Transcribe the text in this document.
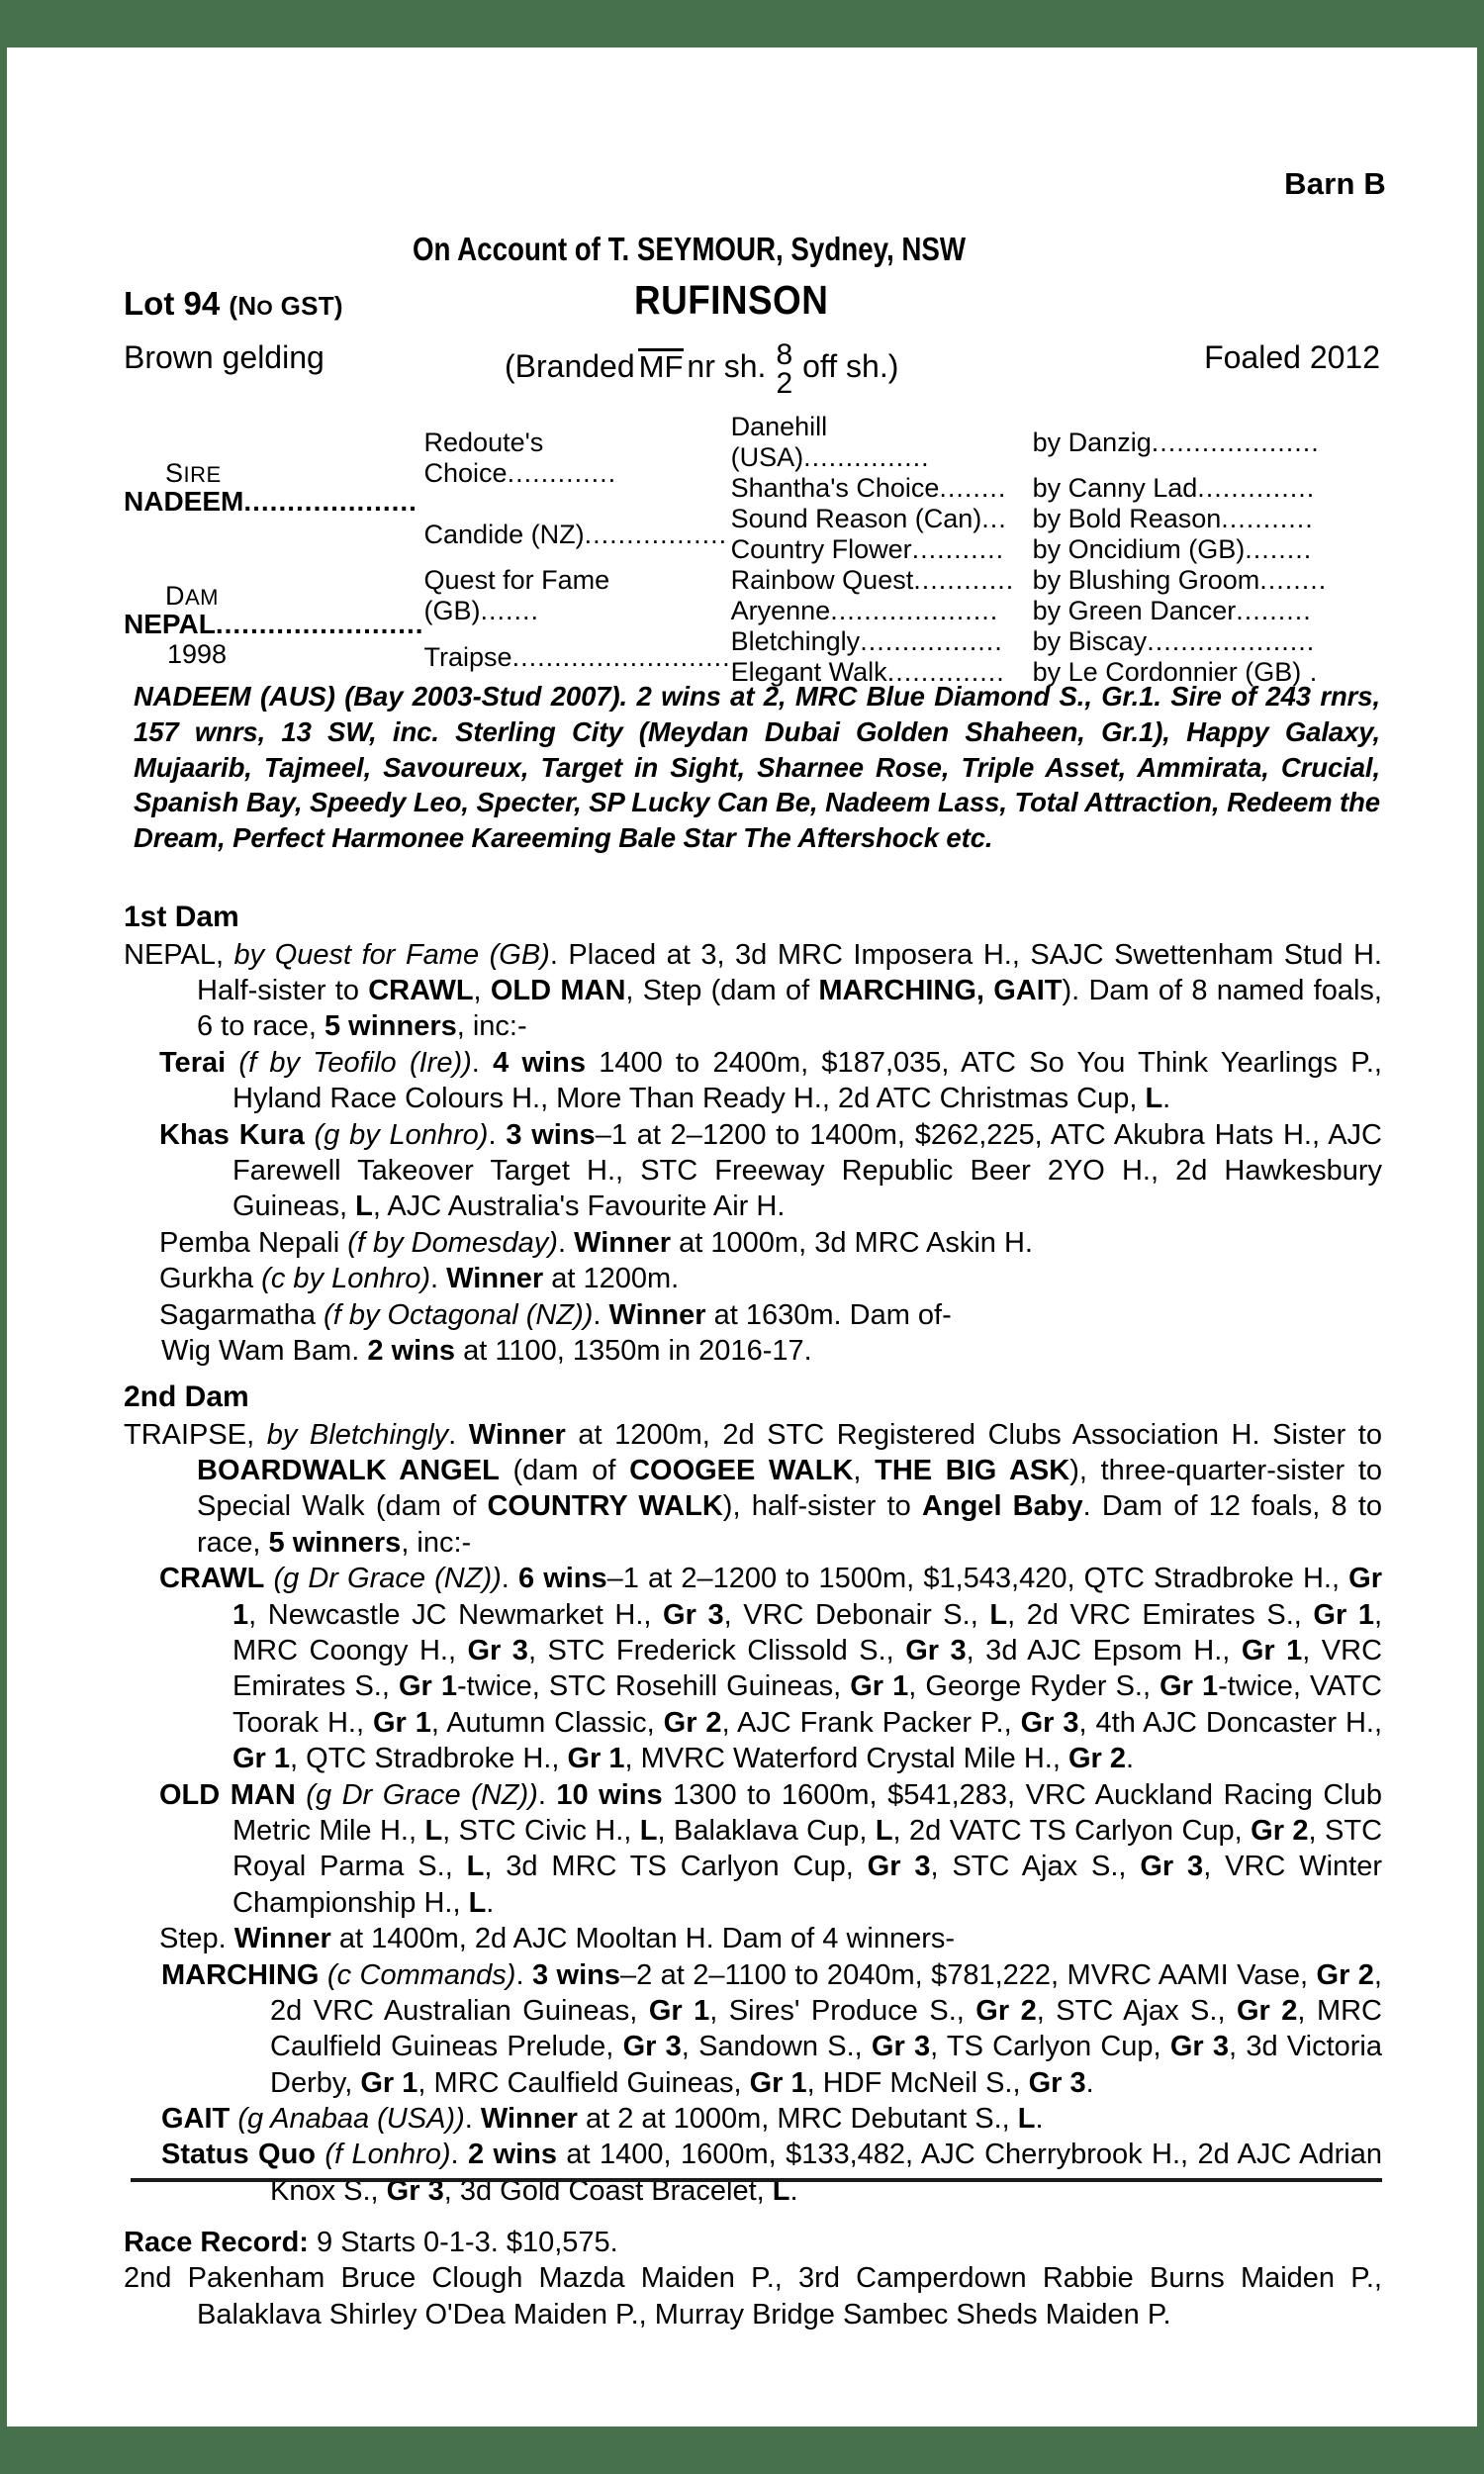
Barn B
On Account of T. SEYMOUR, Sydney, NSW
Lot 94 (NO GST)	RUFINSON
Brown gelding	(Branded MF nr sh. 8
2
off sh.)	Foaled 2012
SIRE
NADEEM....................	Redoute's Choice.............	Danehill (USA)...............	by Danzig....................
		Shantha's Choice........	by Canny Lad..............
	Candide (NZ).................	Sound Reason (Can)...	by Bold Reason...........
		Country Flower...........	by Oncidium (GB)........

DAM
NEPAL........................
1998	Quest for Fame (GB).......	Rainbow Quest............	by Blushing Groom........
		Aryenne....................	by Green Dancer.........
	Traipse..........................	Bletchingly.................	by Biscay....................
		Elegant Walk..............	by Le Cordonnier (GB) .
NADEEM (AUS) (Bay 2003-Stud 2007). 2 wins at 2, MRC Blue Diamond S., Gr.1. Sire of 243 rnrs, 157 wnrs, 13 SW, inc. Sterling City (Meydan Dubai Golden Shaheen, Gr.1), Happy Galaxy, Mujaarib, Tajmeel, Savoureux, Target in Sight, Sharnee Rose, Triple Asset, Ammirata, Crucial, Spanish Bay, Speedy Leo, Specter, SP Lucky Can Be, Nadeem Lass, Total Attraction, Redeem the Dream, Perfect Harmonee Kareeming Bale Star The Aftershock etc.
1st Dam
NEPAL, by Quest for Fame (GB). Placed at 3, 3d MRC Imposera H., SAJC Swettenham Stud H. Half-sister to CRAWL, OLD MAN, Step (dam of MARCHING, GAIT). Dam of 8 named foals, 6 to race, 5 winners, inc:-
Terai (f by Teofilo (Ire)). 4 wins 1400 to 2400m, $187,035, ATC So You Think Yearlings P., Hyland Race Colours H., More Than Ready H., 2d ATC Christmas Cup, L.
Khas Kura (g by Lonhro). 3 wins–1 at 2–1200 to 1400m, $262,225, ATC Akubra Hats H., AJC Farewell Takeover Target H., STC Freeway Republic Beer 2YO H., 2d Hawkesbury Guineas, L, AJC Australia's Favourite Air H.
Pemba Nepali (f by Domesday). Winner at 1000m, 3d MRC Askin H.
Gurkha (c by Lonhro). Winner at 1200m.
Sagarmatha (f by Octagonal (NZ)). Winner at 1630m. Dam of-
Wig Wam Bam. 2 wins at 1100, 1350m in 2016-17.
2nd Dam
TRAIPSE, by Bletchingly. Winner at 1200m, 2d STC Registered Clubs Association H. Sister to BOARDWALK ANGEL (dam of COOGEE WALK, THE BIG ASK), three-quarter-sister to Special Walk (dam of COUNTRY WALK), half-sister to Angel Baby. Dam of 12 foals, 8 to race, 5 winners, inc:-
CRAWL (g Dr Grace (NZ)). 6 wins–1 at 2–1200 to 1500m, $1,543,420, QTC Stradbroke H., Gr 1, Newcastle JC Newmarket H., Gr 3, VRC Debonair S., L, 2d VRC Emirates S., Gr 1, MRC Coongy H., Gr 3, STC Frederick Clissold S., Gr 3, 3d AJC Epsom H., Gr 1, VRC Emirates S., Gr 1-twice, STC Rosehill Guineas, Gr 1, George Ryder S., Gr 1-twice, VATC Toorak H., Gr 1, Autumn Classic, Gr 2, AJC Frank Packer P., Gr 3, 4th AJC Doncaster H., Gr 1, QTC Stradbroke H., Gr 1, MVRC Waterford Crystal Mile H., Gr 2.
OLD MAN (g Dr Grace (NZ)). 10 wins 1300 to 1600m, $541,283, VRC Auckland Racing Club Metric Mile H., L, STC Civic H., L, Balaklava Cup, L, 2d VATC TS Carlyon Cup, Gr 2, STC Royal Parma S., L, 3d MRC TS Carlyon Cup, Gr 3, STC Ajax S., Gr 3, VRC Winter Championship H., L.
Step. Winner at 1400m, 2d AJC Mooltan H. Dam of 4 winners-
MARCHING (c Commands). 3 wins–2 at 2–1100 to 2040m, $781,222, MVRC AAMI Vase, Gr 2, 2d VRC Australian Guineas, Gr 1, Sires' Produce S., Gr 2, STC Ajax S., Gr 2, MRC Caulfield Guineas Prelude, Gr 3, Sandown S., Gr 3, TS Carlyon Cup, Gr 3, 3d Victoria Derby, Gr 1, MRC Caulfield Guineas, Gr 1, HDF McNeil S., Gr 3.
GAIT (g Anabaa (USA)). Winner at 2 at 1000m, MRC Debutant S., L.
Status Quo (f Lonhro). 2 wins at 1400, 1600m, $133,482, AJC Cherrybrook H., 2d AJC Adrian Knox S., Gr 3, 3d Gold Coast Bracelet, L.
Race Record: 9 Starts 0-1-3. $10,575.
2nd Pakenham Bruce Clough Mazda Maiden P., 3rd Camperdown Rabbie Burns Maiden P., Balaklava Shirley O'Dea Maiden P., Murray Bridge Sambec Sheds Maiden P.
